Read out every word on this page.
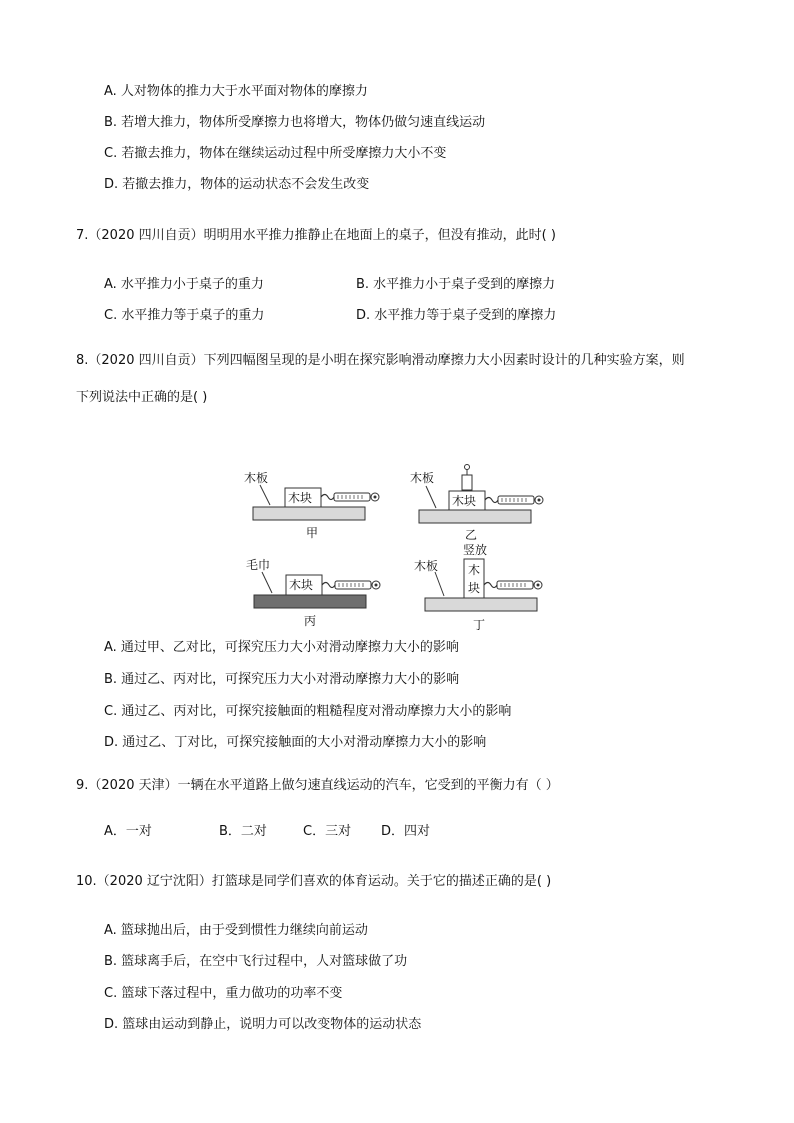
A. 人对物体的推力大于水平面对物体的摩擦力
B. 若增大推力，物体所受摩擦力也将增大，物体仍做匀速直线运动
C. 若撤去推力，物体在继续运动过程中所受摩擦力大小不变
D. 若撤去推力，物体的运动状态不会发生改变
7.（2020 四川自贡）明明用水平推力推静止在地面上的桌子，但没有推动，此时( )
A. 水平推力小于桌子的重力	B. 水平推力小于桌子受到的摩擦力
C. 水平推力等于桌子的重力	D. 水平推力等于桌子受到的摩擦力
8.（2020 四川自贡）下列四幅图呈现的是小明在探究影响滑动摩擦力大小因素时设计的几种实验方案，则
下列说法中正确的是( )
木板
木块
甲
木板
木块
乙
毛巾
木块
丙
木板
竖放
木
块
丁
A. 通过甲、乙对比，可探究压力大小对滑动摩擦力大小的影响
B. 通过乙、丙对比，可探究压力大小对滑动摩擦力大小的影响
C. 通过乙、丙对比，可探究接触面的粗糙程度对滑动摩擦力大小的影响
D. 通过乙、丁对比，可探究接触面的大小对滑动摩擦力大小的影响
9.（2020 天津）一辆在水平道路上做匀速直线运动的汽车，它受到的平衡力有（ ）
A．一对	B．二对	C．三对 D．四对
10.（2020 辽宁沈阳）打篮球是同学们喜欢的体育运动。关于它的描述正确的是( )
A. 篮球抛出后，由于受到惯性力继续向前运动
B. 篮球离手后，在空中飞行过程中，人对篮球做了功
C. 篮球下落过程中，重力做功的功率不变
D. 篮球由运动到静止，说明力可以改变物体的运动状态
